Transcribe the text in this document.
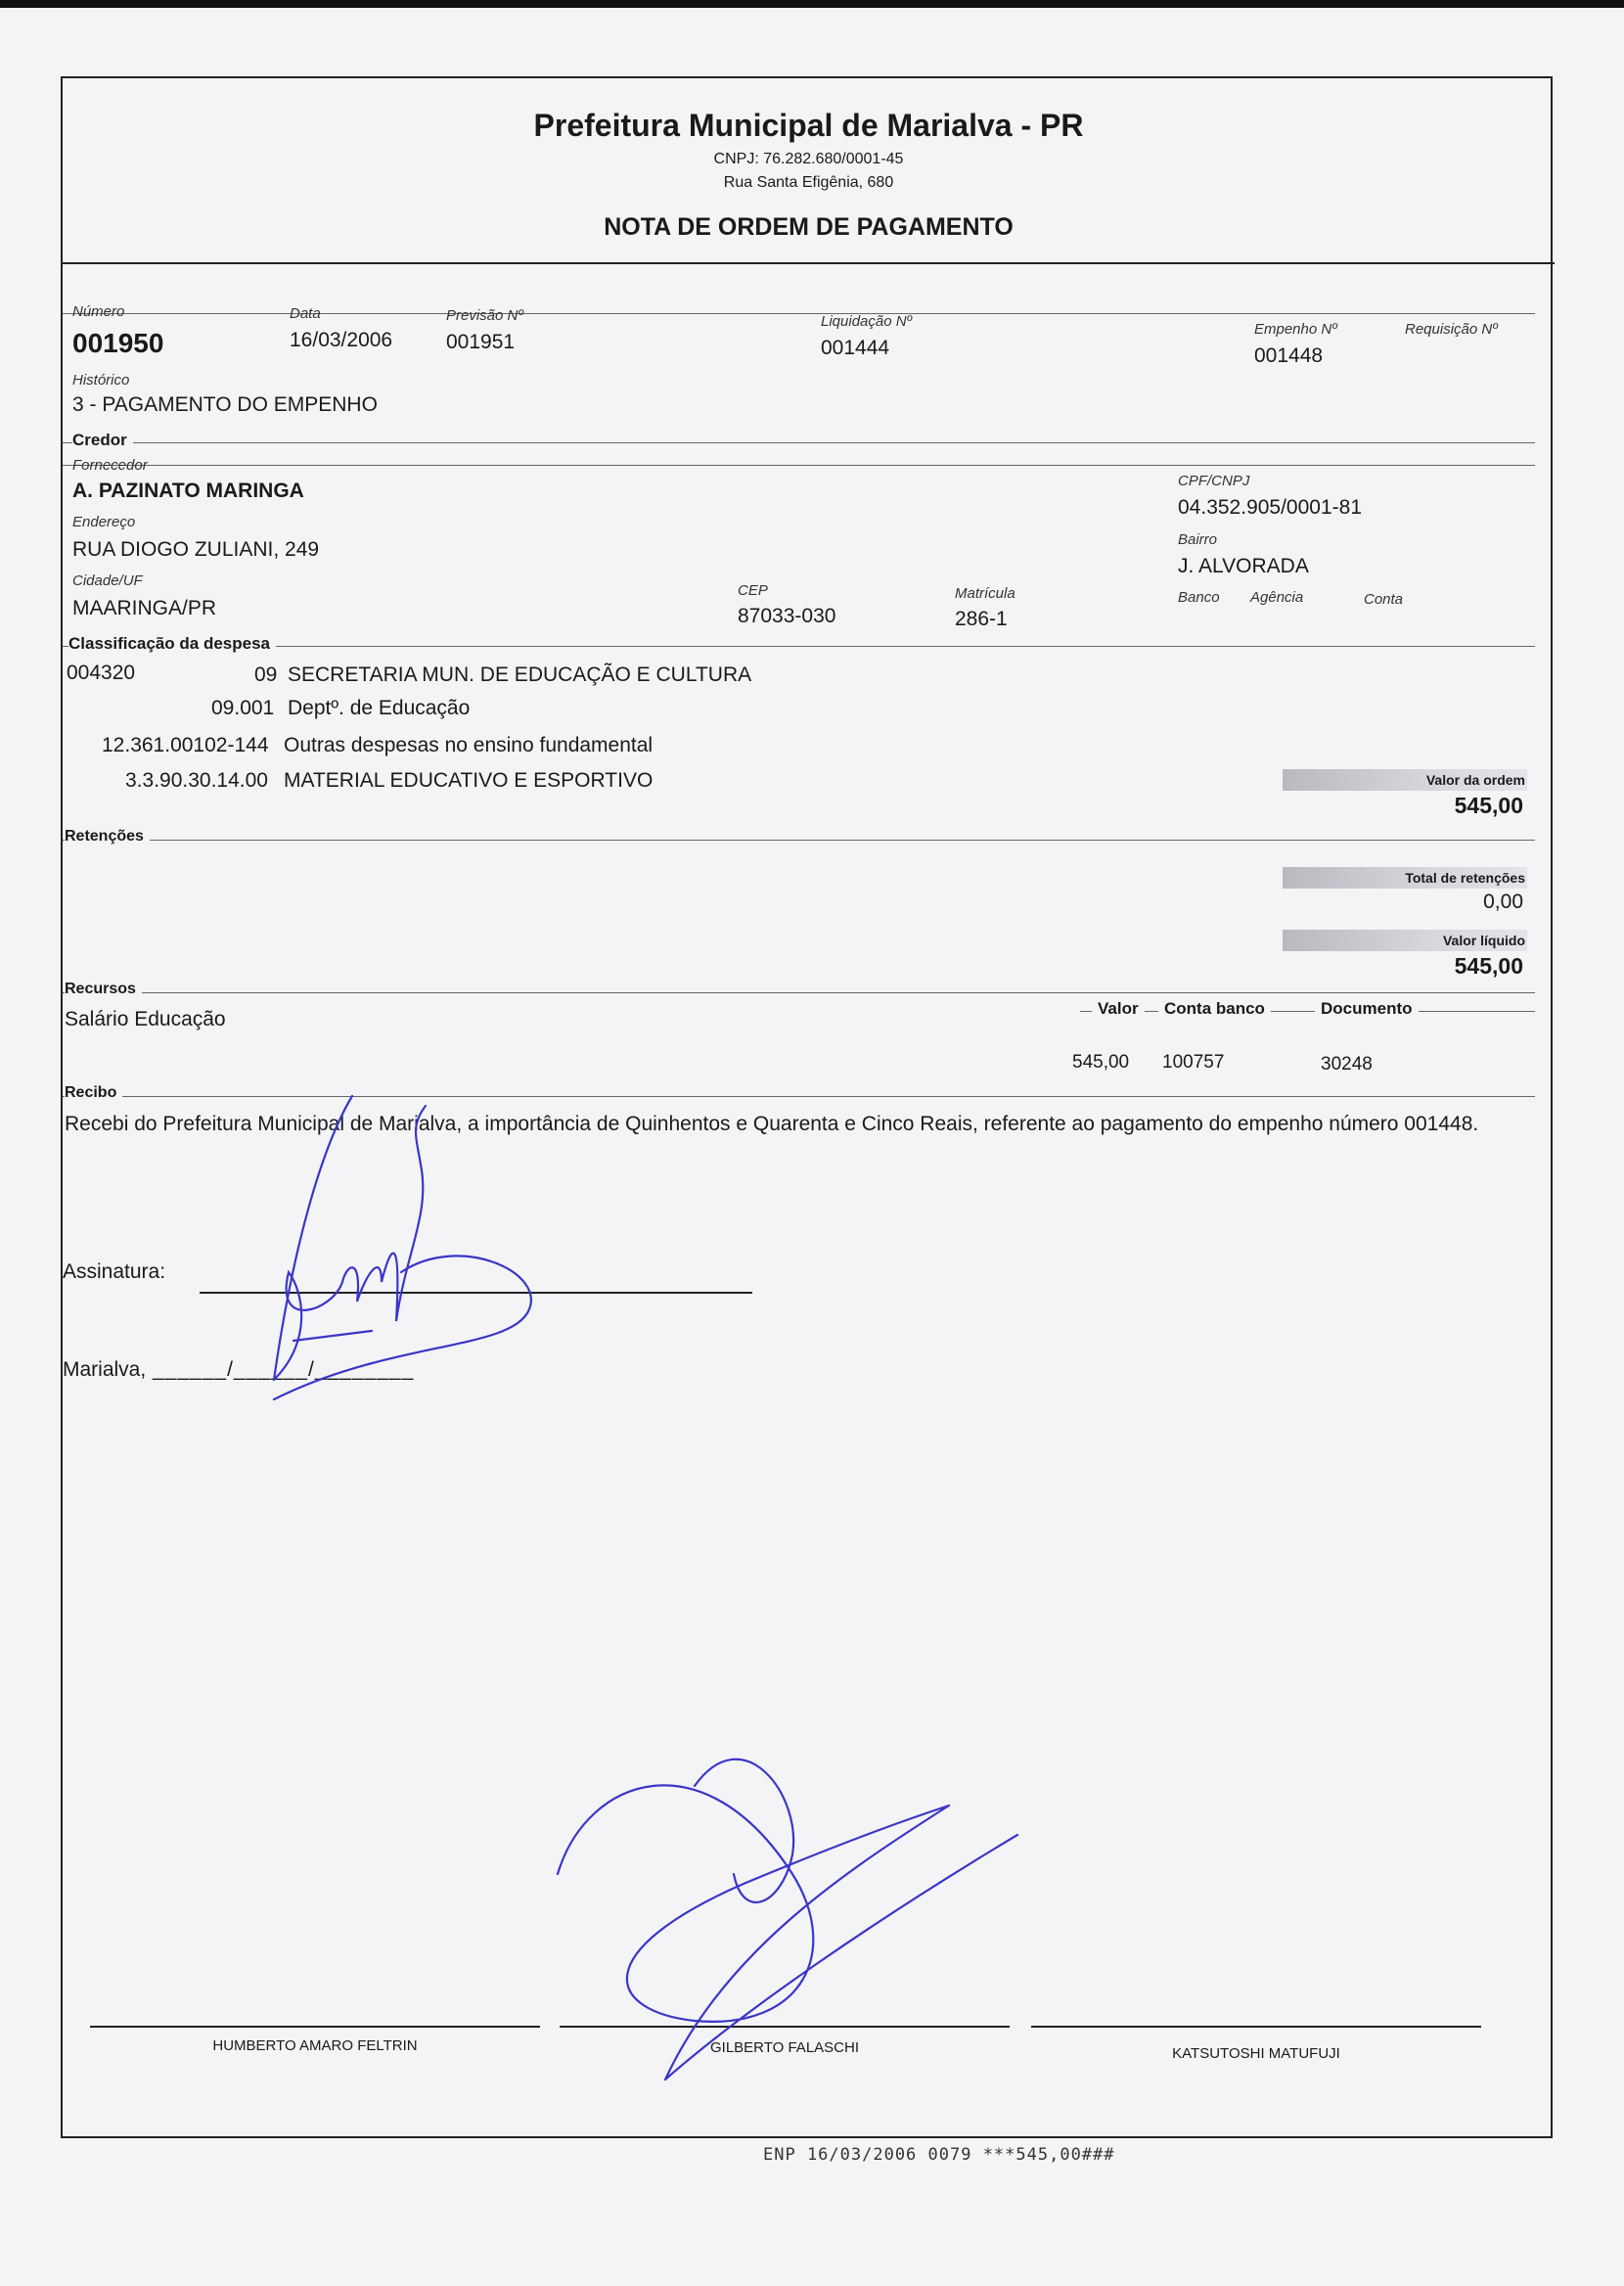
Prefeitura Municipal de Marialva - PR
CNPJ: 76.282.680/0001-45
Rua Santa Efigênia, 680
NOTA DE ORDEM DE PAGAMENTO
Número
001950
Data
16/03/2006
Previsão Nº
001951
Liquidação Nº
001444
Empenho Nº
001448
Requisição Nº
Histórico
3 - PAGAMENTO DO EMPENHO
Credor
Fornecedor
A. PAZINATO MARINGA	CPF/CNPJ
04.352.905/0001-81
Endereço
RUA DIOGO ZULIANI, 249	Bairro
J. ALVORADA
Cidade/UF
MAARINGA/PR
CEP
87033-030
Matrícula
286-1
Banco Agência	Conta
Classificação da despesa
004320	09 SECRETARIA MUN. DE EDUCAÇÃO E CULTURA
09.001 Deptº. de Educação
12.361.00102-144 Outras despesas no ensino fundamental
3.3.90.30.14.00 MATERIAL EDUCATIVO E ESPORTIVO	Valor da ordem
545,00
Retenções
Total de retenções
0,00
Valor líquido
545,00
Recursos
Salário Educação	Valor	Conta banco	Documento
545,00 100757	30248
Recibo
Recebi do Prefeitura Municipal de Marialva, a importância de Quinhentos e Quarenta e Cinco Reais, referente ao pagamento do empenho número 001448.
Assinatura:
Marialva, ______/______/________
HUMBERTO AMARO FELTRIN	GILBERTO FALASCHI	KATSUTOSHI MATUFUJI
ENP 16/03/2006 0079 ***545,00###
